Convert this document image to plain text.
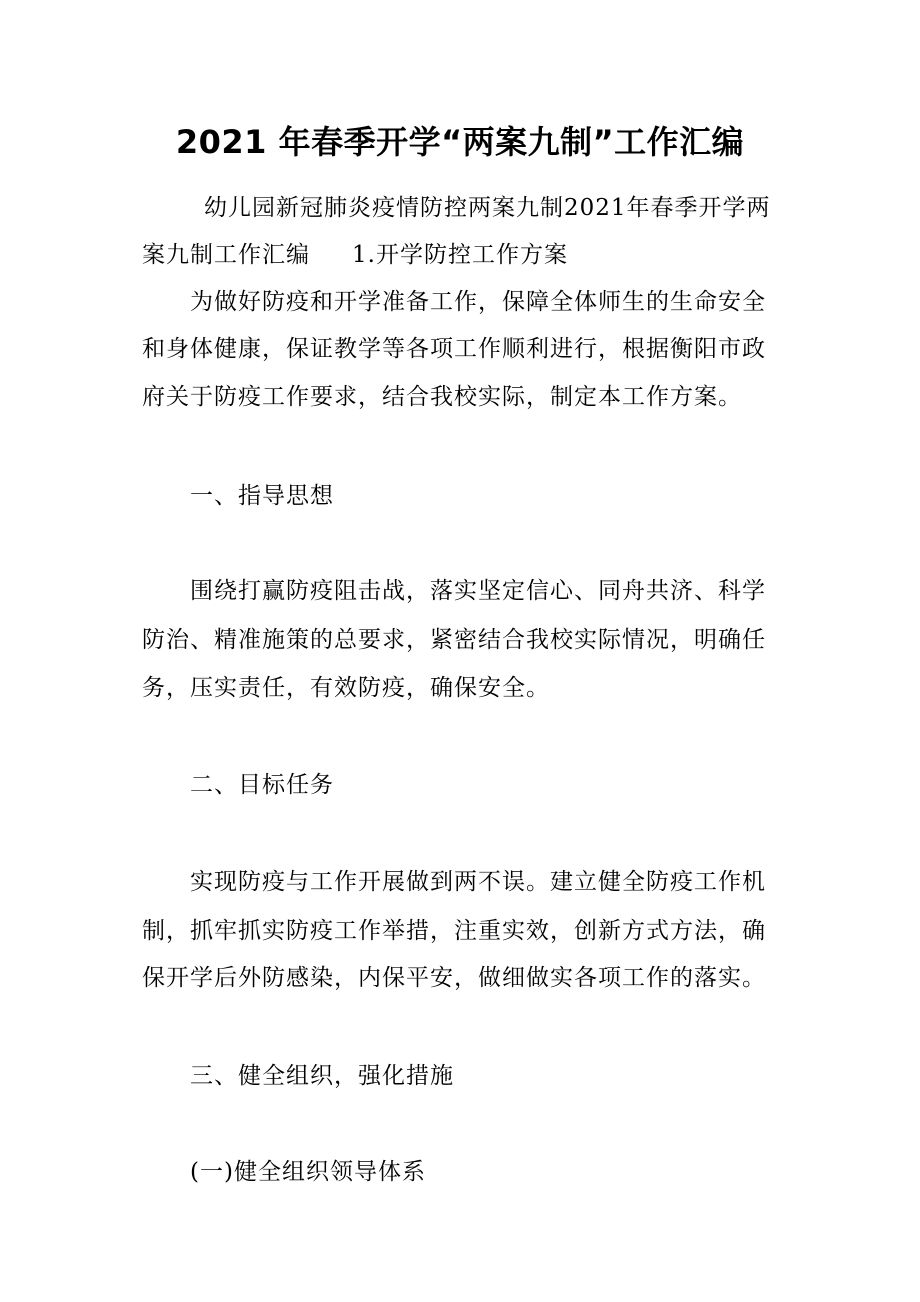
2021 年春季开学“两案九制”工作汇编
幼儿园新冠肺炎疫情防控两案九制2021年春季开学两
案九制工作汇编 1.开学防控工作方案
为做好防疫和开学准备工作，保障全体师生的生命安全
和身体健康，保证教学等各项工作顺利进行，根据衡阳市政
府关于防疫工作要求，结合我校实际，制定本工作方案。
一、指导思想
围绕打赢防疫阻击战，落实坚定信心、同舟共济、科学
防治、精准施策的总要求，紧密结合我校实际情况，明确任
务，压实责任，有效防疫，确保安全。
二、目标任务
实现防疫与工作开展做到两不误。建立健全防疫工作机
制，抓牢抓实防疫工作举措，注重实效，创新方式方法，确
保开学后外防感染，内保平安，做细做实各项工作的落实。
三、健全组织，强化措施
(一)健全组织领导体系
